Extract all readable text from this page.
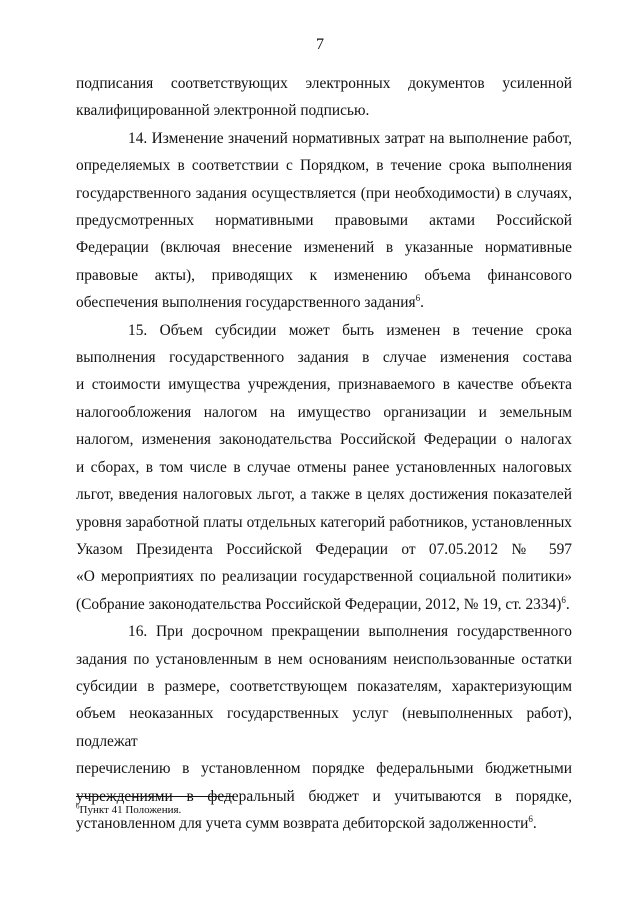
7

подписания соответствующих электронных документов усиленной
квалифицированной электронной подписью.

14. Изменение значений нормативных затрат на выполнение работ,
определяемых в соответствии с Порядком, в течение срока выполнения
государственного задания осуществляется (при необходимости) в случаях,
предусмотренных нормативными правовыми актами Российской
Федерации (включая внесение изменений в указанные нормативные
правовые акты), приводящих к изменению объема финансового
обеспечения выполнения государственного задания$^6$.

15. Объем субсидии может быть изменен в течение срока
выполнения государственного задания в случае изменения состава
и стоимости имущества учреждения, признаваемого в качестве объекта
налогообложения налогом на имущество организации и земельным
налогом, изменения законодательства Российской Федерации о налогах
и сборах, в том числе в случае отмены ранее установленных налоговых
льгот, введения налоговых льгот, а также в целях достижения показателей
уровня заработной платы отдельных категорий работников, установленных
Указом Президента Российской Федерации от 07.05.2012 № 597
«О мероприятиях по реализации государственной социальной политики»
(Собрание законодательства Российской Федерации, 2012, № 19, ст. 2334)$^6$.

16. При досрочном прекращении выполнения государственного
задания по установленным в нем основаниям неиспользованные остатки
субсидии в размере, соответствующем показателям, характеризующим
объем неоказанных государственных услуг (невыполненных работ), подлежат
перечислению в установленном порядке федеральными бюджетными
учреждениями в федеральный бюджет и учитываются в порядке,
установленном для учета сумм возврата дебиторской задолженности$^6$.

$^6$Пункт 41 Положения.
